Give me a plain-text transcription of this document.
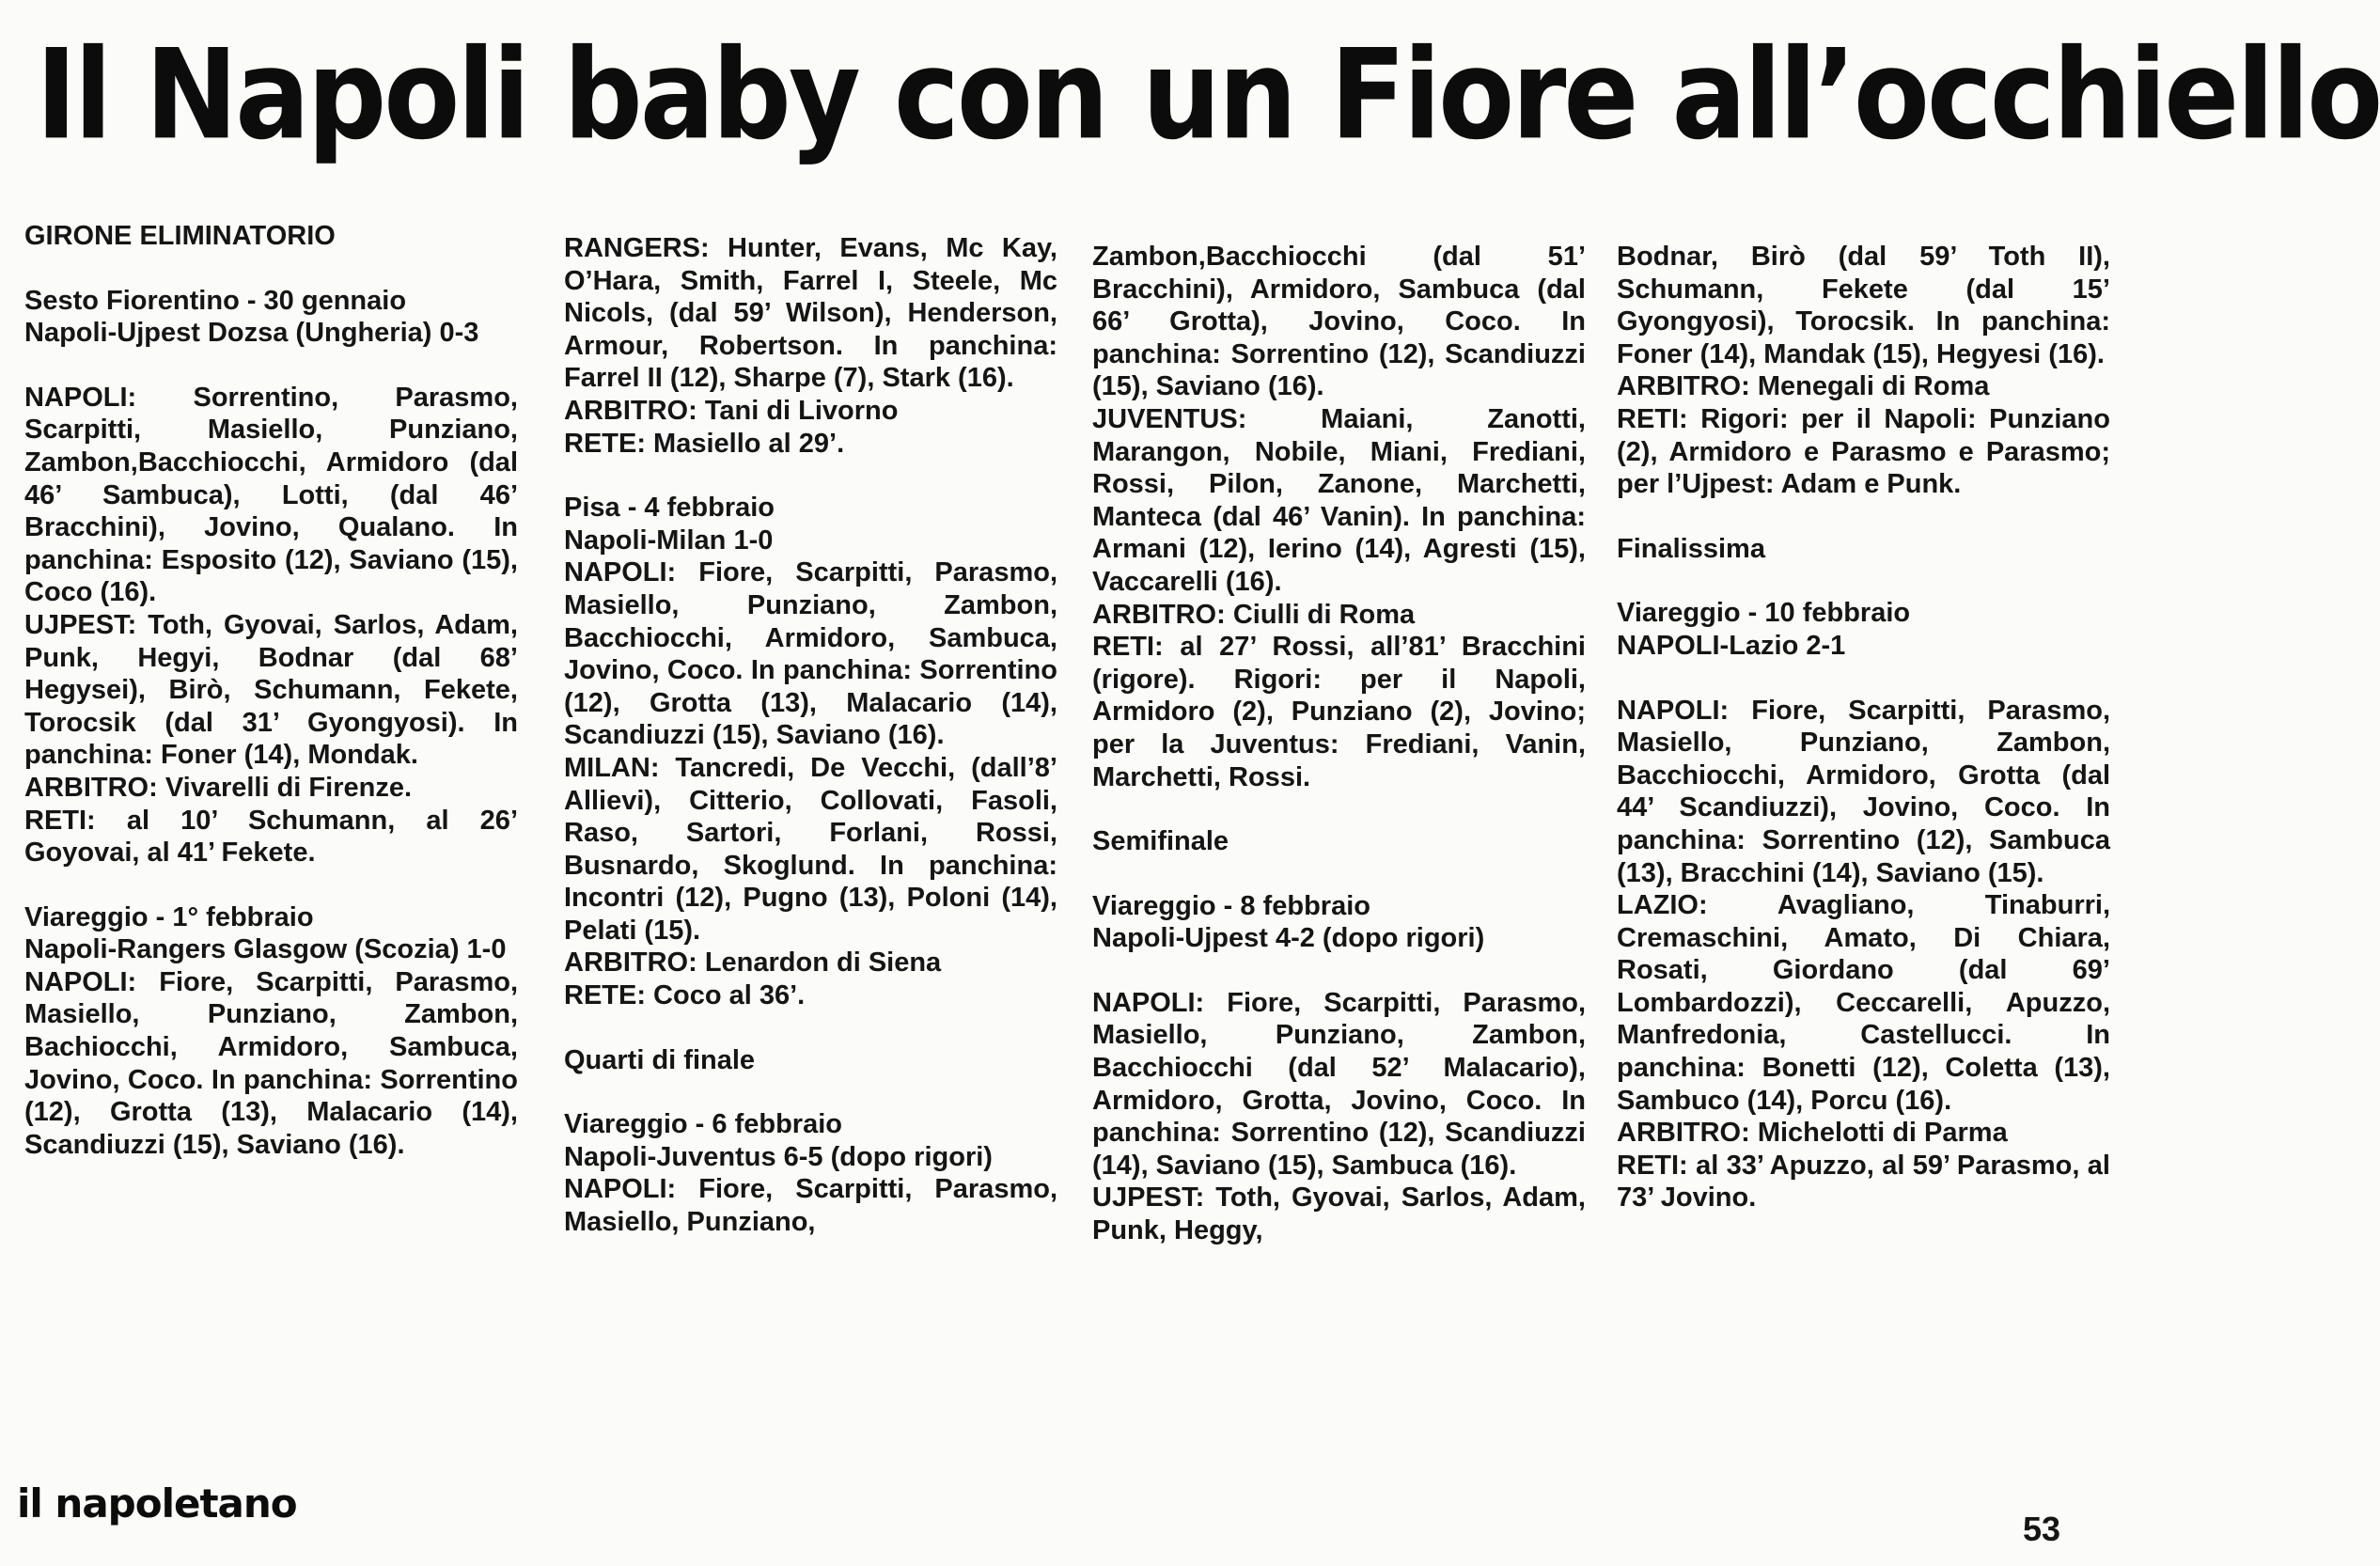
Il Napoli baby con un Fiore all’occhiello

GIRONE ELIMINATORIO

Sesto Fiorentino - 30 gennaio

Napoli-Ujpest Dozsa (Ungheria) 0-3

NAPOLI: Sorrentino, Parasmo, Scarpitti, Masiello, Punziano, Zambon,Bacchiocchi, Armidoro (dal 46’ Sambuca), Lotti, (dal 46’ Bracchini), Jovino, Qualano. In panchina: Esposito (12), Saviano (15), Coco (16).

UJPEST: Toth, Gyovai, Sarlos, Adam, Punk, Hegyi, Bodnar (dal 68’ Hegysei), Birò, Schumann, Fekete, Torocsik (dal 31’ Gyongyosi). In panchina: Foner (14), Mondak.

ARBITRO: Vivarelli di Firenze.

RETI: al 10’ Schumann, al 26’ Goyovai, al 41’ Fekete.

Viareggio - 1° febbraio

Napoli-Rangers Glasgow (Scozia) 1-0

NAPOLI: Fiore, Scarpitti, Parasmo, Masiello, Punziano, Zambon, Bachiocchi, Armidoro, Sambuca, Jovino, Coco. In panchina: Sorrentino (12), Grotta (13), Malacario (14), Scandiuzzi (15), Saviano (16).

RANGERS: Hunter, Evans, Mc Kay, O’Hara, Smith, Farrel I, Steele, Mc Nicols, (dal 59’ Wilson), Henderson, Armour, Robertson. In panchina: Farrel II (12), Sharpe (7), Stark (16).

ARBITRO: Tani di Livorno

RETE: Masiello al 29’.

Pisa - 4 febbraio

Napoli-Milan 1-0

NAPOLI: Fiore, Scarpitti, Parasmo, Masiello, Punziano, Zambon, Bacchiocchi, Armidoro, Sambuca, Jovino, Coco. In panchina: Sorrentino (12), Grotta (13), Malacario (14), Scandiuzzi (15), Saviano (16).

MILAN: Tancredi, De Vecchi, (dall’8’ Allievi), Citterio, Collovati, Fasoli, Raso, Sartori, Forlani, Rossi, Busnardo, Skoglund. In panchina: Incontri (12), Pugno (13), Poloni (14), Pelati (15).

ARBITRO: Lenardon di Siena

RETE: Coco al 36’.

Quarti di finale

Viareggio - 6 febbraio

Napoli-Juventus 6-5 (dopo rigori)

NAPOLI: Fiore, Scarpitti, Parasmo, Masiello, Punziano,

Zambon,Bacchiocchi (dal 51’ Bracchini), Armidoro, Sambuca (dal 66’ Grotta), Jovino, Coco. In panchina: Sorrentino (12), Scandiuzzi (15), Saviano (16).

JUVENTUS: Maiani, Zanotti, Marangon, Nobile, Miani, Frediani, Rossi, Pilon, Zanone, Marchetti, Manteca (dal 46’ Vanin). In panchina: Armani (12), Ierino (14), Agresti (15), Vaccarelli (16).

ARBITRO: Ciulli di Roma

RETI: al 27’ Rossi, all’81’ Bracchini (rigore). Rigori: per il Napoli, Armidoro (2), Punziano (2), Jovino; per la Juventus: Frediani, Vanin, Marchetti, Rossi.

Semifinale

Viareggio - 8 febbraio

Napoli-Ujpest 4-2 (dopo rigori)

NAPOLI: Fiore, Scarpitti, Parasmo, Masiello, Punziano, Zambon, Bacchiocchi (dal 52’ Malacario), Armidoro, Grotta, Jovino, Coco. In panchina: Sorrentino (12), Scandiuzzi (14), Saviano (15), Sambuca (16).

UJPEST: Toth, Gyovai, Sarlos, Adam, Punk, Heggy,

Bodnar, Birò (dal 59’ Toth II), Schumann, Fekete (dal 15’ Gyongyosi), Torocsik. In panchina: Foner (14), Mandak (15), Hegyesi (16).

ARBITRO: Menegali di Roma

RETI: Rigori: per il Napoli: Punziano (2), Armidoro e Parasmo e Parasmo; per l’Ujpest: Adam e Punk.

Finalissima

Viareggio - 10 febbraio

NAPOLI-Lazio 2-1

NAPOLI: Fiore, Scarpitti, Parasmo, Masiello, Punziano, Zambon, Bacchiocchi, Armidoro, Grotta (dal 44’ Scandiuzzi), Jovino, Coco. In panchina: Sorrentino (12), Sambuca (13), Bracchini (14), Saviano (15).

LAZIO: Avagliano, Tinaburri, Cremaschini, Amato, Di Chiara, Rosati, Giordano (dal 69’ Lombardozzi), Ceccarelli, Apuzzo, Manfredonia, Castellucci. In panchina: Bonetti (12), Coletta (13), Sambuco (14), Porcu (16).

ARBITRO: Michelotti di Parma

RETI: al 33’ Apuzzo, al 59’ Parasmo, al 73’ Jovino.

il napoletano

53
